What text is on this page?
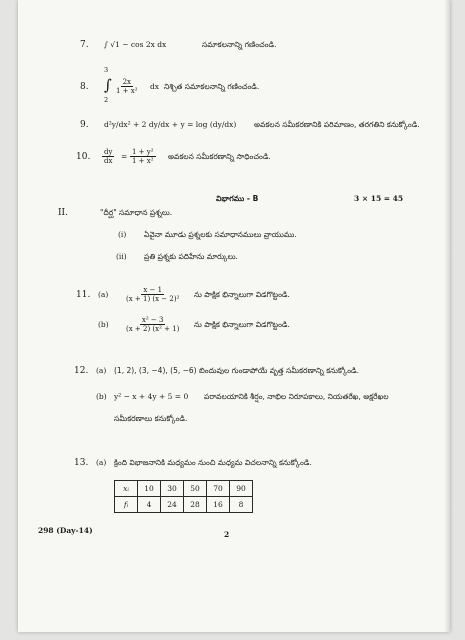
7. ∫ √1 − cos 2x dx	సమాకలనాన్ని గణించండి.
3
8. ∫
2
$\frac{2x}{\text{1 + x²}}$ dx నిశ్చిత సమాకలనాన్ని గణించండి.
9. d²y/dx² + 2 dy/dx + y = log (dy/dx) అవకలన సమీకరణానికి పరిమాణం, తరగతిని కనుక్కోండి.
10. $\frac{dy}{dx} = \frac{\text{1 + y²}}{\text{1 + x²}}$ అవకలన సమీకరణాన్ని సాధించండి.
విభాగము - B	3 × 15 = 45
II.	"దీర్ఘ" సమాధాన ప్రశ్నలు.
(i) ఏవైనా మూడు ప్రశ్నలకు సమాధానములు వ్రాయుము.
(ii) ప్రతి ప్రశ్నకు పదిహేను మార్కులు.
11. $(a) \frac{x - 1}{\text{(x + 1) (x − 2)²}}$ ను పాక్షిక భిన్నాలుగా విడగొట్టండి.
$(b) \frac{\text{x² − 3}}{\text{(x + 2) (x² + 1)}}$ ను పాక్షిక భిన్నాలుగా విడగొట్టండి.
12. (a) (1, 2), (3, −4), (5, −6) బిందువుల గుండాపోయే వృత్త సమీకరణాన్ని కనుక్కోండి.
(b) y² − x + 4y + 5 = 0 పరావలయానికి శీర్షం, నాభిల నిరూపకాలు, నియతరేఖ, అక్షరేఖల
సమీకరణాలు కనుక్కోండి.
13. (a) క్రింది విభాజనానికి మధ్యమం నుంచి మధ్యమ విచలనాన్ని కనుక్కోండి.
xᵢ	10	30	50	70	90
fᵢ	4	24	28	16	8
298 (Day-14)	2
